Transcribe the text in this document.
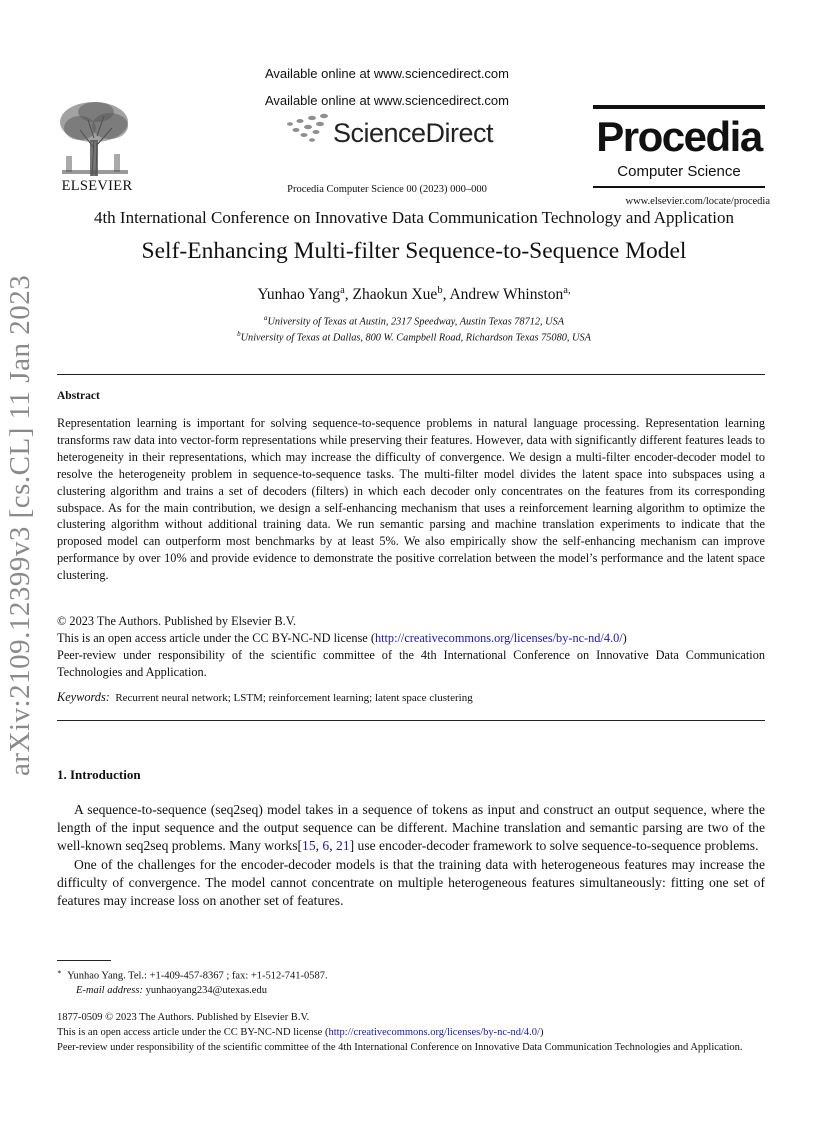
arXiv:2109.12399v3 [cs.CL] 11 Jan 2023
Available online at www.sciencedirect.com
Available online at www.sciencedirect.com
ScienceDirect
Procedia Computer Science 00 (2023) 000–000
ELSEVIER
Procedia
Computer Science
www.elsevier.com/locate/procedia
4th International Conference on Innovative Data Communication Technology and Application
Self-Enhancing Multi-filter Sequence-to-Sequence Model
Yunhao Yang$^a$, Zhaokun Xue$^b$, Andrew Whinston$^{a,}$
$^a$University of Texas at Austin, 2317 Speedway, Austin Texas 78712, USA
$^b$University of Texas at Dallas, 800 W. Campbell Road, Richardson Texas 75080, USA
Abstract
Representation learning is important for solving sequence-to-sequence problems in natural language processing. Representation learning transforms raw data into vector-form representations while preserving their features. However, data with significantly different features leads to heterogeneity in their representations, which may increase the difficulty of convergence. We design a multi-filter encoder-decoder model to resolve the heterogeneity problem in sequence-to-sequence tasks. The multi-filter model divides the latent space into subspaces using a clustering algorithm and trains a set of decoders (filters) in which each decoder only concentrates on the features from its corresponding subspace. As for the main contribution, we design a self-enhancing mechanism that uses a reinforcement learning algorithm to optimize the clustering algorithm without additional training data. We run semantic parsing and machine translation experiments to indicate that the proposed model can outperform most benchmarks by at least 5%. We also empirically show the self-enhancing mechanism can improve performance by over 10% and provide evidence to demonstrate the positive correlation between the model’s performance and the latent space clustering.
© 2023 The Authors. Published by Elsevier B.V.
This is an open access article under the CC BY-NC-ND license (http://creativecommons.org/licenses/by-nc-nd/4.0/)
Peer-review under responsibility of the scientific committee of the 4th International Conference on Innovative Data Communication Technologies and Application.
Keywords: Recurrent neural network; LSTM; reinforcement learning; latent space clustering
1. Introduction

A sequence-to-sequence (seq2seq) model takes in a sequence of tokens as input and construct an output sequence, where the length of the input sequence and the output sequence can be different. Machine translation and semantic parsing are two of the well-known seq2seq problems. Many works[15, 6, 21] use encoder-decoder framework to solve sequence-to-sequence problems.

One of the challenges for the encoder-decoder models is that the training data with heterogeneous features may increase the difficulty of convergence. The model cannot concentrate on multiple heterogeneous features simultaneously: fitting one set of features may increase loss on another set of features.

∗ Yunhao Yang. Tel.: +1-409-457-8367 ; fax: +1-512-741-0587.
E-mail address: yunhaoyang234@utexas.edu
1877-0509 © 2023 The Authors. Published by Elsevier B.V.
This is an open access article under the CC BY-NC-ND license (http://creativecommons.org/licenses/by-nc-nd/4.0/)
Peer-review under responsibility of the scientific committee of the 4th International Conference on Innovative Data Communication Technologies and Application.
